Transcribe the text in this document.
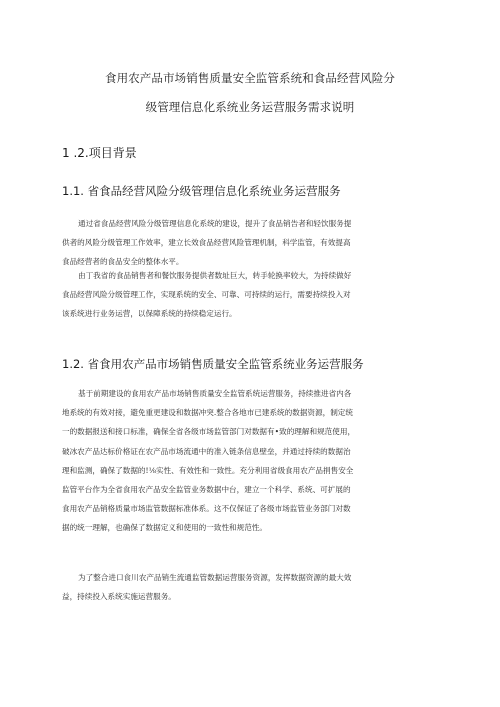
食用农产品市场销售质量安全监管系统和食品经营风险分
级管理信息化系统业务运营服务需求说明
1 .2.项目背景
1.1. 省食品经营风险分级管理信息化系统业务运营服务
通过省食品经营风险分级管理信息化系统的建设，提升了食品销告者和轻饮服务提
供者的风险分级管理工作效率，建立长效食品经营风险管理机制，科学监管，有效提高
食品经营者的食品安全的整体水平。
由丁我省的食品销售者和餐饮服务提供者数址巨大，转手轮换率较大，为持续做好
食品经营风险分级管理工作，实现系统的安全、可靠、可持续的运行，需要持续投入对
该系统进行业务运营，以保障系统的持续稳定运行。
1.2. 省食用农产品市场销售质量安全监管系统业务运营服务
基于前期建设的食用农产品市场销售质量安全监管系统运营服务，持续推进省内各
地系统的有效对接，避免重更建设和数据冲突.整合各地市已建系统的数据资源，制定统
一的数据报送和接口标准，确保全省各级市场监管部门对数据有•致的理解和规范使用，
破冰农产品达标价格证在农产品市场流通中的准入链条信息壁垒，并通过持续的数据治
理和监测，确保了数据的!⅛实性、有效性和一致性。充分利用省级食用农产品捐售安全
监管平台作为全省食用农产品安全监管业务数据中台，建立一个科学、系统、可扩展的
食用农产品销格质量市场监管数据标准体系。这不仅保证了各级市场监管业务部门对数
据的统一理解，也确保了数据定义和使用的一致性和规范性。
为了整合进口食川农产品销生流通监管数据运营服务资源，发挥数据资源的最大效
益，持续投入系统实施运营服务。
